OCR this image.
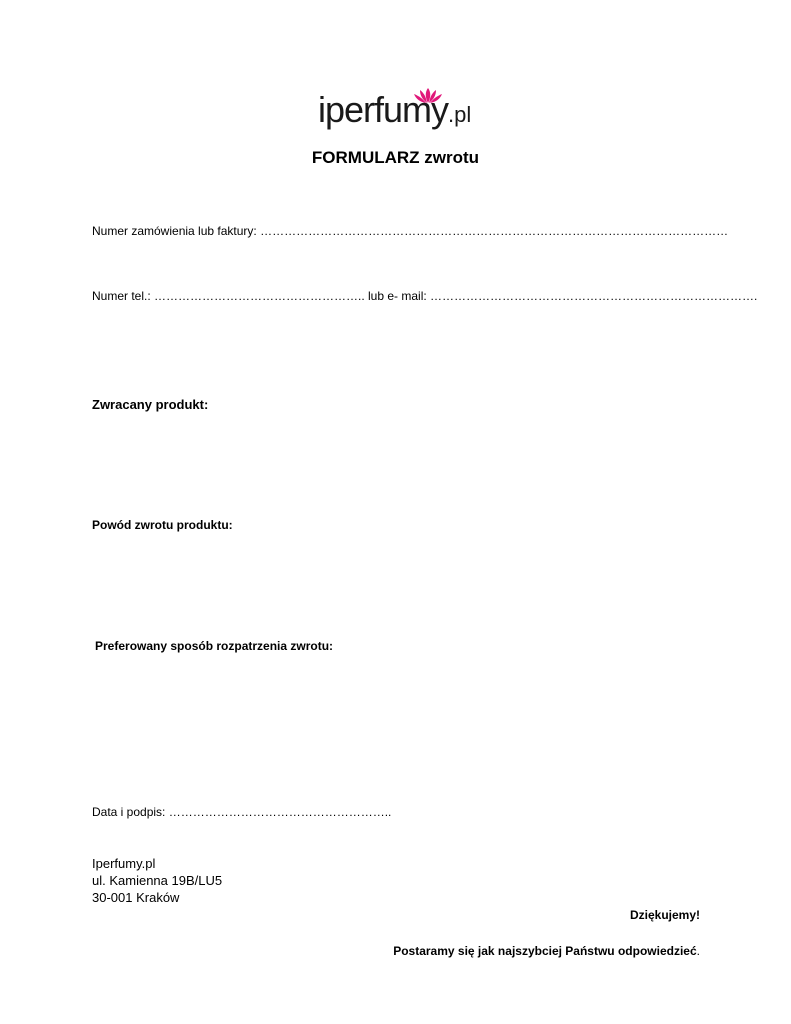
iperfumy.pl
FORMULARZ zwrotu
Numer zamówienia lub faktury: ………………………………………………………………………………………………………
Numer tel.: …………………………………………….. lub e- mail: ……………………………………………………………………….
Zwracany produkt:
Powód zwrotu produktu:
Preferowany sposób rozpatrzenia zwrotu:
Data i podpis: ………………………………………………..
Iperfumy.pl
ul. Kamienna 19B/LU5
30-001 Kraków
Dziękujemy!
Postaramy się jak najszybciej Państwu odpowiedzieć.
